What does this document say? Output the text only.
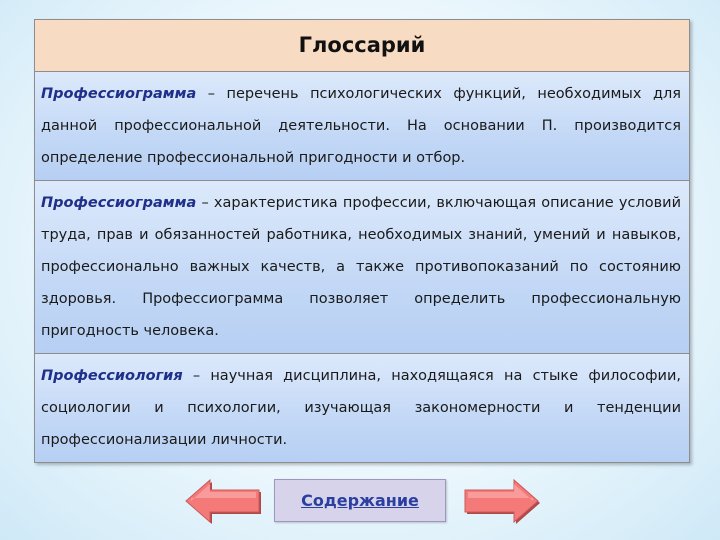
Глоссарий
Профессиограмма – перечень психологических функций, необходимых для данной профессиональной деятельности. На основании П. производится определение профессиональной пригодности и отбор.
Профессиограмма – характеристика профессии, включающая описание условий труда, прав и обязанностей работника, необходимых знаний, умений и навыков, профессионально важных качеств, а также противопоказаний по состоянию здоровья. Профессиограмма позволяет определить профессиональную пригодность человека.
Профессиология – научная дисциплина, находящаяся на стыке философии, социологии и психологии, изучающая закономерности и тенденции профессионализации личности.
Содержание
